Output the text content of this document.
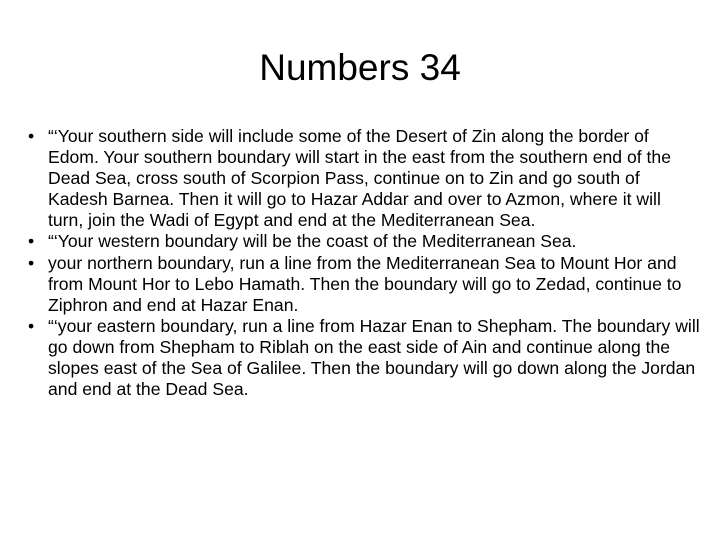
Numbers 34
• “‘Your southern side will include some of the Desert of Zin along the border of Edom. Your southern boundary will start in the east from the southern end of the Dead Sea, cross south of Scorpion Pass, continue on to Zin and go south of Kadesh Barnea. Then it will go to Hazar Addar and over to Azmon, where it will turn, join the Wadi of Egypt and end at the Mediterranean Sea.
• “‘Your western boundary will be the coast of the Mediterranean Sea.
• your northern boundary, run a line from the Mediterranean Sea to Mount Hor and from Mount Hor to Lebo Hamath. Then the boundary will go to Zedad, continue to Ziphron and end at Hazar Enan.
• “‘your eastern boundary, run a line from Hazar Enan to Shepham. The boundary will go down from Shepham to Riblah on the east side of Ain and continue along the slopes east of the Sea of Galilee. Then the boundary will go down along the Jordan and end at the Dead Sea.
